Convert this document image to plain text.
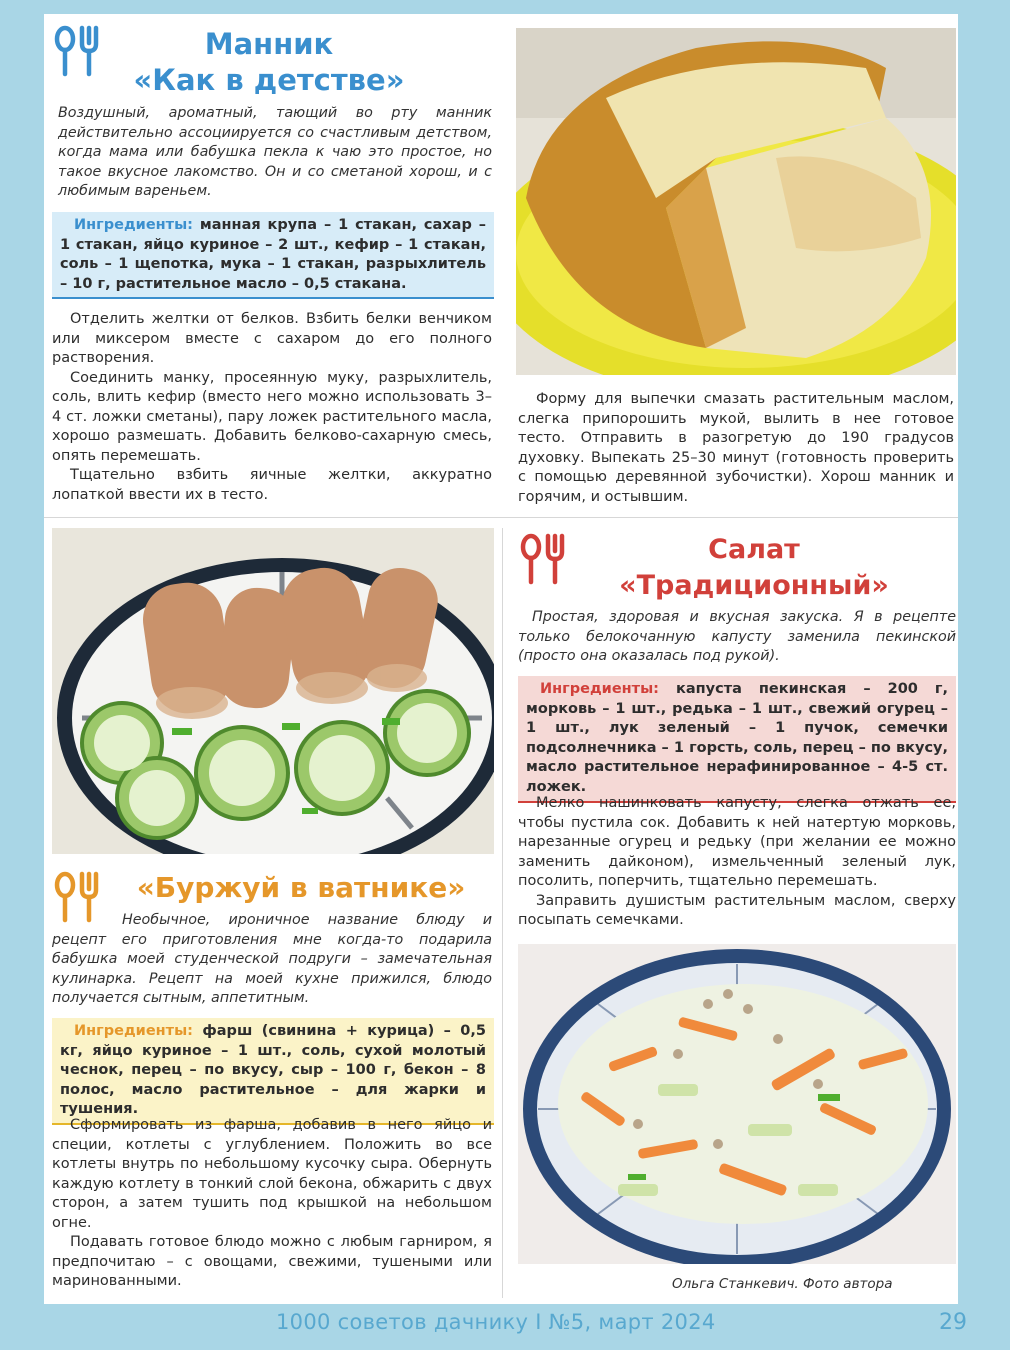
Манник
«Как в детстве»
Воздушный, ароматный, тающий во рту манник действительно ассоциируется со счастливым детством, когда мама или бабушка пекла к чаю это простое, но такое вкусное лакомство. Он и со сметаной хорош, и с любимым вареньем.
Ингредиенты: манная крупа – 1 стакан, сахар – 1 стакан, яйцо куриное – 2 шт., кефир – 1 стакан, соль – 1 щепотка, мука – 1 стакан, разрыхлитель – 10 г, растительное масло – 0,5 стакана.

Отделить желтки от белков. Взбить белки венчиком или миксером вместе с сахаром до его полного растворения.

Соединить манку, просеянную муку, разрыхлитель, соль, влить кефир (вместо него можно использовать 3–4 ст. ложки сметаны), пару ложек растительного масла, хорошо размешать. Добавить белково-сахарную смесь, опять перемешать.

Тщательно взбить яичные желтки, аккуратно лопаткой ввести их в тесто.

Форму для выпечки смазать растительным маслом, слегка припорошить мукой, вылить в нее готовое тесто. Отправить в разогретую до 190 градусов духовку. Выпекать 25–30 минут (готовность проверить с помощью деревянной зубочистки). Хорош манник и горячим, и остывшим.

«Буржуй в ватнике»
Необычное, ироничное название блюду и рецепт его приготовления мне когда-то подарила бабушка моей студенческой подруги – замечательная кулинарка. Рецепт на моей кухне прижился, блюдо получается сытным, аппетитным.
Ингредиенты: фарш (свинина + курица) – 0,5 кг, яйцо куриное – 1 шт., соль, сухой молотый чеснок, перец – по вкусу, сыр – 100 г, бекон – 8 полос, масло растительное – для жарки и тушения.

Сформировать из фарша, добавив в него яйцо и специи, котлеты с углублением. Положить во все котлеты внутрь по небольшому кусочку сыра. Обернуть каждую котлету в тонкий слой бекона, обжарить с двух сторон, а затем тушить под крышкой на небольшом огне.

Подавать готовое блюдо можно с любым гарниром, я предпочитаю – с овощами, свежими, тушеными или маринованными.

Салат
«Традиционный»
Простая, здоровая и вкусная закуска. Я в рецепте только белокочанную капусту заменила пекинской (просто она оказалась под рукой).
Ингредиенты: капуста пекинская – 200 г, морковь – 1 шт., редька – 1 шт., свежий огурец – 1 шт., лук зеленый – 1 пучок, семечки подсолнечника – 1 горсть, соль, перец – по вкусу, масло растительное нерафинированное – 4-5 ст. ложек.

Мелко нашинковать капусту, слегка отжать ее, чтобы пустила сок. Добавить к ней натертую морковь, нарезанные огурец и редьку (при желании ее можно заменить дайконом), измельченный зеленый лук, посолить, поперчить, тщательно перемешать.

Заправить душистым растительным маслом, сверху посыпать семечками.

Ольга Станкевич. Фото автора
1000 советов дачнику I №5, март 2024	29
